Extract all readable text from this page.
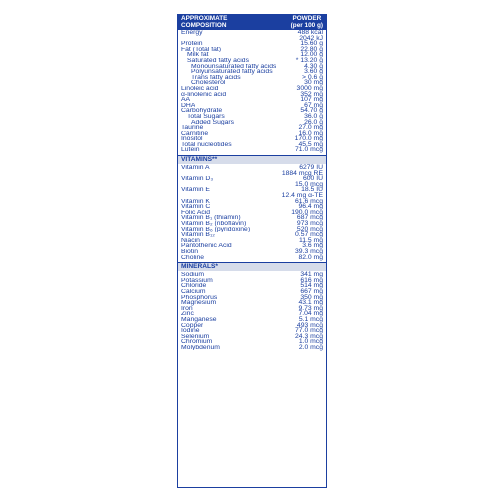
APPROXIMATE
COMPOSITION
POWDER
(per 100 g)
Energy	488 kcal
2042 kJ
Protein	15.60 g
Fat (Total fat)	22.80 g
Milk fat	12.00 g
Saturated fatty acids	* 13.20 g
Monounsaturated fatty acids	4.30 g
Polyunsaturated fatty acids	3.60 g
Trans fatty acids	> 0.6 g
Cholesterol	30 mg
Linoleic acid	3000 mg
α-linolenic acid	352 mg
AA	107 mg
DHA	67 mg
Carbohydrate	54.70 g
Total Sugars	36.0 g
Added Sugars	26.0 g
Taurine	27.0 mg
Carnitine	16.0 mg
Inositol	170.0 mg
Total nucleotides	45.5 mg
Lutein	71.0 mcg
VITAMINS**
Vitamin A	6279 IU
1884 mcg RE
Vitamin D₃	600 IU
15.0 mcg
Vitamin E	18.5 IU
12.4 mg α-TE
Vitamin K	61.6 mcg
Vitamin C	96.4 mg
Folic Acid	190.0 mcg
Vitamin B₁ (thiamin)	687 mcg
Vitamin B₂ (riboflavin)	973 mcg
Vitamin B₆ (pyridoxine)	520 mcg
Vitamin B₁₂	0.57 mcg
Niacin	11.5 mg
Pantothenic Acid	3.6 mg
Biotin	39.3 mcg
Choline	82.0 mg
MINERALS*
Sodium	341 mg
Potassium	616 mg
Chloride	514 mg
Calcium	667 mg
Phosphorus	350 mg
Magnesium	43.1 mg
Iron	9.73 mg
Zinc	7.04 mg
Manganese	5.1 mcg
Copper	493 mcg
Iodine	77.0 mcg
Selenium	24.3 mcg
Chromium	1.0 mcg
Molybdenum	2.0 mcg
